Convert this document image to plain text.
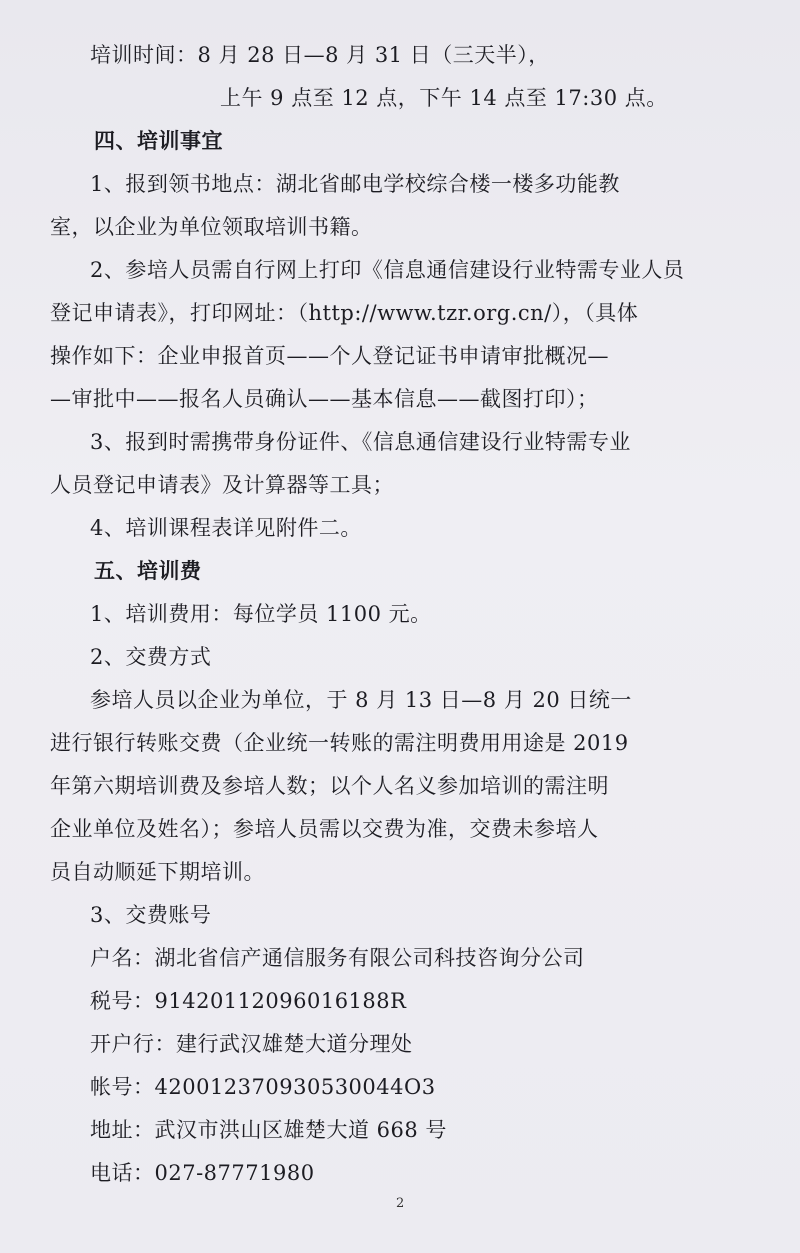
培训时间：8 月 28 日—8 月 31 日（三天半），
上午 9 点至 12 点，下午 14 点至 17:30 点。
四、培训事宜
1、报到领书地点：湖北省邮电学校综合楼一楼多功能教
室，以企业为单位领取培训书籍。
2、参培人员需自行网上打印《信息通信建设行业特需专业人员
登记申请表》，打印网址：（http://www.tzr.org.cn/），（具体
操作如下：企业申报首页——个人登记证书申请审批概况—
—审批中——报名人员确认——基本信息——截图打印）；
3、报到时需携带身份证件、《信息通信建设行业特需专业
人员登记申请表》及计算器等工具；
4、培训课程表详见附件二。
五、培训费
1、培训费用：每位学员 1100 元。
2、交费方式
参培人员以企业为单位，于 8 月 13 日—8 月 20 日统一
进行银行转账交费（企业统一转账的需注明费用用途是 2019
年第六期培训费及参培人数；以个人名义参加培训的需注明
企业单位及姓名）；参培人员需以交费为准，交费未参培人
员自动顺延下期培训。
3、交费账号
户名：湖北省信产通信服务有限公司科技咨询分公司
税号：91420112096016188R
开户行：建行武汉雄楚大道分理处
帐号：420012370930530044O3
地址：武汉市洪山区雄楚大道 668 号
电话：027-87771980
2
